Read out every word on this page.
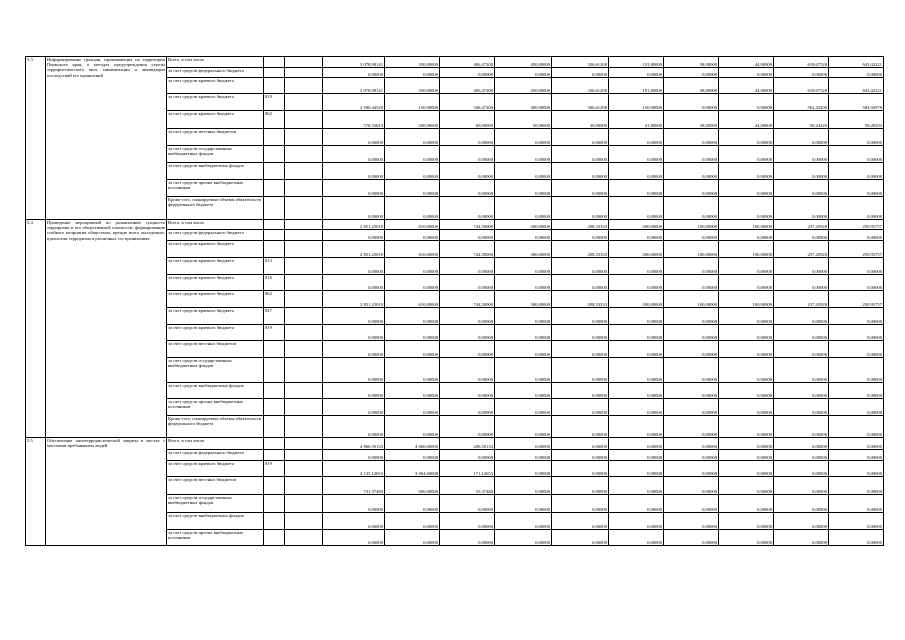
5.3	Информирование граждан, проживающих на территории Пермского края, о методах предупреждения угрозы террористического акта, минимизации и ликвидации последствий его проявлений	Всего, в том числе			3 078,98141	350,00000	406,47200	450,00000	336,61200	191,80000	38,00000	44,00000	618,67520	643,42221
		за счет средств федерального бюджета			0,00000	0,00000	0,00000	0,00000	0,00000	0,00000	0,00000	0,00000	0,00000	0,00000
		за счет средств краевого бюджета			3 078,98141	350,00000	406,47200	450,00000	336,61200	191,80000	38,00000	44,00000	618,67520	643,42221
		за счет средств краевого бюджета	819		2 500,44528	150,00000	346,47200	400,00000	306,61200	150,00000	0,00000	0,00000	562,43200	584,92978
		за счет средств краевого бюджета	862		578,53613	200,00000	60,00000	50,00000	30,00000	41,80000	38,00000	44,00000	56,24320	58,49293
		за счет средств местных бюджетов			0,00000	0,00000	0,00000	0,00000	0,00000	0,00000	0,00000	0,00000	0,00000	0,00000
		за счет средств государственных внебюджетных фондов			0,00000	0,00000	0,00000	0,00000	0,00000	0,00000	0,00000	0,00000	0,00000	0,00000
		за счет средств внебюджетных фондов			0,00000	0,00000	0,00000	0,00000	0,00000	0,00000	0,00000	0,00000	0,00000	0,00000
		за счет средств прочих внебюджетных источников			0,00000	0,00000	0,00000	0,00000	0,00000	0,00000	0,00000	0,00000	0,00000	0,00000
		Кроме того, планируемые объемы обязательств федерального бюджета			0,00000	0,00000	0,00000	0,00000	0,00000	0,00000	0,00000	0,00000	0,00000	0,00000
5.4	Проведение мероприятий по разъяснению сущности терроризма и его общественной опасности, формированию стойкого неприятия обществом, прежде всего молодежью, идеологии терроризма в различных его проявлениях	Всего, в том числе			2 851,25010	610,00000	744,50000	300,00000	208,33333	200,00000	100,00000	100,00000	237,45920	250,95757
		за счет средств федерального бюджета			0,00000	0,00000	0,00000	0,00000	0,00000	0,00000	0,00000	0,00000	0,00000	0,00000
		за счет средств краевого бюджета			2 851,25010	610,00000	744,50000	300,00000	208,33333	200,00000	100,00000	100,00000	237,45920	250,95757
		за счет средств краевого бюджета	813		0,00000	0,00000	0,00000	0,00000	0,00000	0,00000	0,00000	0,00000	0,00000	0,00000
		за счет средств краевого бюджета	816		0,00000	0,00000	0,00000	0,00000	0,00000	0,00000	0,00000	0,00000	0,00000	0,00000
		за счет средств краевого бюджета	862		2 851,25010	610,00000	744,50000	300,00000	208,33333	200,00000	100,00000	100,00000	237,45920	250,95757
		за счет средств краевого бюджета	847		0,00000	0,00000	0,00000	0,00000	0,00000	0,00000	0,00000	0,00000	0,00000	0,00000
		за счет средств краевого бюджета	819		0,00000	0,00000	0,00000	0,00000	0,00000	0,00000	0,00000	0,00000	0,00000	0,00000
		за счет средств местных бюджетов			0,00000	0,00000	0,00000	0,00000	0,00000	0,00000	0,00000	0,00000	0,00000	0,00000
		за счет средств государственных внебюджетных фондов			0,00000	0,00000	0,00000	0,00000	0,00000	0,00000	0,00000	0,00000	0,00000	0,00000
		за счет средств внебюджетных фондов			0,00000	0,00000	0,00000	0,00000	0,00000	0,00000	0,00000	0,00000	0,00000	0,00000
		за счет средств прочих внебюджетных источников			0,00000	0,00000	0,00000	0,00000	0,00000	0,00000	0,00000	0,00000	0,00000	0,00000
		Кроме того, планируемые объемы обязательств федерального бюджета			0,00000	0,00000	0,00000	0,00000	0,00000	0,00000	0,00000	0,00000	0,00000	0,00000
5.5	Обеспечение антитеррористической защиты в местах с массовым пребыванием людей	Всего, в том числе			4 866,50133	4 660,00000	206,50133	0,00000	0,00000	0,00000	0,00000	0,00000	0,00000	0,00000
		за счет средств федерального бюджета			0,00000	0,00000	0,00000	0,00000	0,00000	0,00000	0,00000	0,00000	0,00000	0,00000
		за счет средств краевого бюджета	819		4 135,12653	3 964,00000	171,12653	0,00000	0,00000	0,00000	0,00000	0,00000	0,00000	0,00000
		за счет средств местных бюджетов			731,37480	696,00000	35,37480	0,00000	0,00000	0,00000	0,00000	0,00000	0,00000	0,00000
		за счет средств государственных внебюджетных фондов			0,00000	0,00000	0,00000	0,00000	0,00000	0,00000	0,00000	0,00000	0,00000	0,00000
		за счет средств внебюджетных фондов			0,00000	0,00000	0,00000	0,00000	0,00000	0,00000	0,00000	0,00000	0,00000	0,00000
		за счет средств прочих внебюджетных источников			0,00000	0,00000	0,00000	0,00000	0,00000	0,00000	0,00000	0,00000	0,00000	0,00000
